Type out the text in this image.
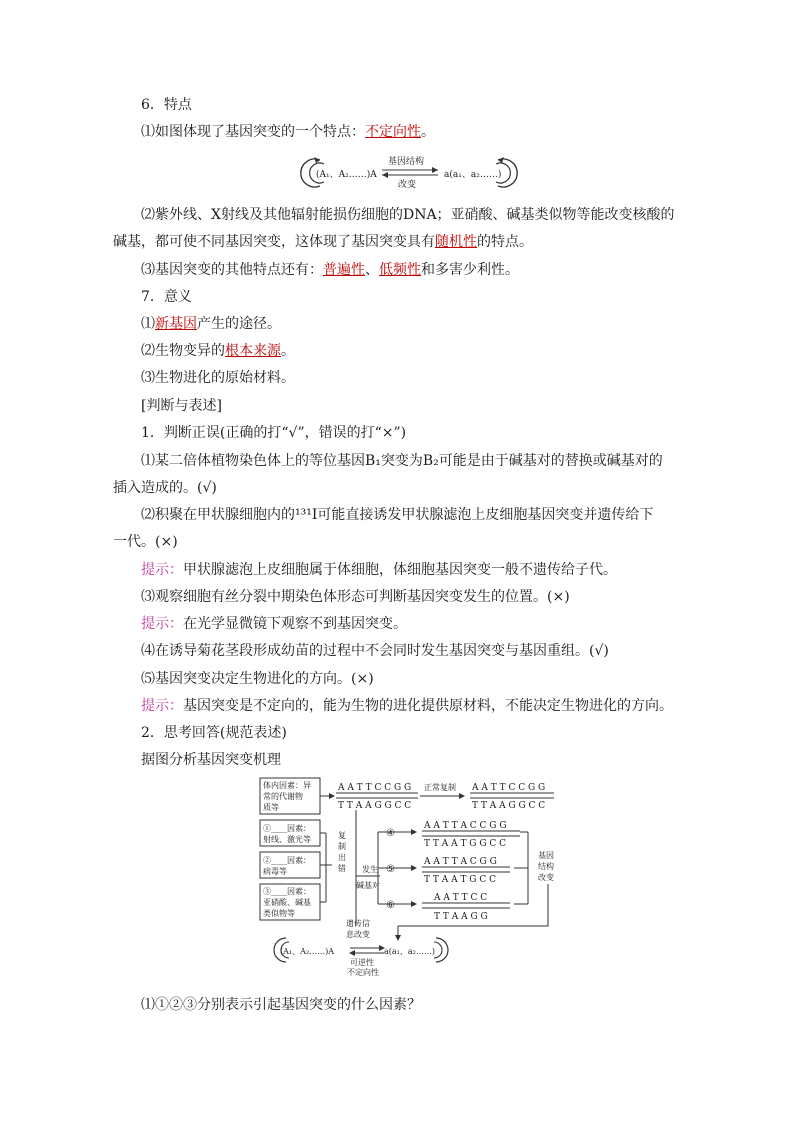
6．特点
⑴如图体现了基因突变的一个特点：不定向性。
(A₁、A₂……)A
基因结构
改变
a(a₁、a₂……)
⑵紫外线、X射线及其他辐射能损伤细胞的DNA；亚硝酸、碱基类似物等能改变核酸的
碱基，都可使不同基因突变，这体现了基因突变具有随机性的特点。
⑶基因突变的其他特点还有：普遍性、低频性和多害少利性。
7．意义
⑴新基因产生的途径。
⑵生物变异的根本来源。
⑶生物进化的原始材料。
[判断与表述]
1．判断正误(正确的打“√”，错误的打“×”)
⑴某二倍体植物染色体上的等位基因B₁突变为B₂可能是由于碱基对的替换或碱基对的
插入造成的。(√)
⑵积聚在甲状腺细胞内的¹³¹I可能直接诱发甲状腺滤泡上皮细胞基因突变并遗传给下
一代。(×)
提示：甲状腺滤泡上皮细胞属于体细胞，体细胞基因突变一般不遗传给子代。
⑶观察细胞有丝分裂中期染色体形态可判断基因突变发生的位置。(×)
提示：在光学显微镜下观察不到基因突变。
⑷在诱导菊花茎段形成幼苗的过程中不会同时发生基因突变与基因重组。(√)
⑸基因突变决定生物进化的方向。(×)
提示：基因突变是不定向的，能为生物的进化提供原材料，不能决定生物进化的方向。
2．思考回答(规范表述)
据图分析基因突变机理
体内因素：异
常的代谢物
质等
①____因素：
射线、激光等
②____因素：
病毒等
③____因素：
亚硝酸、碱基
类似物等
A A T T C C G G
T T A A G G C C
正常复制 A A T T C C G G
T T A A G G C C
复
制
出
错 发生
碱基对
④
⑤
⑥
A A T T A C C G G
T T A A T G G C C
A A T T A C G G
T T A A T G C C
A A T T C C
T T A A G G
基因
结构
改变
遗传信
息改变
(A₁、A₂……)A	a(a₁、a₂……)
可逆性
不定向性
⑴①②③分别表示引起基因突变的什么因素？
